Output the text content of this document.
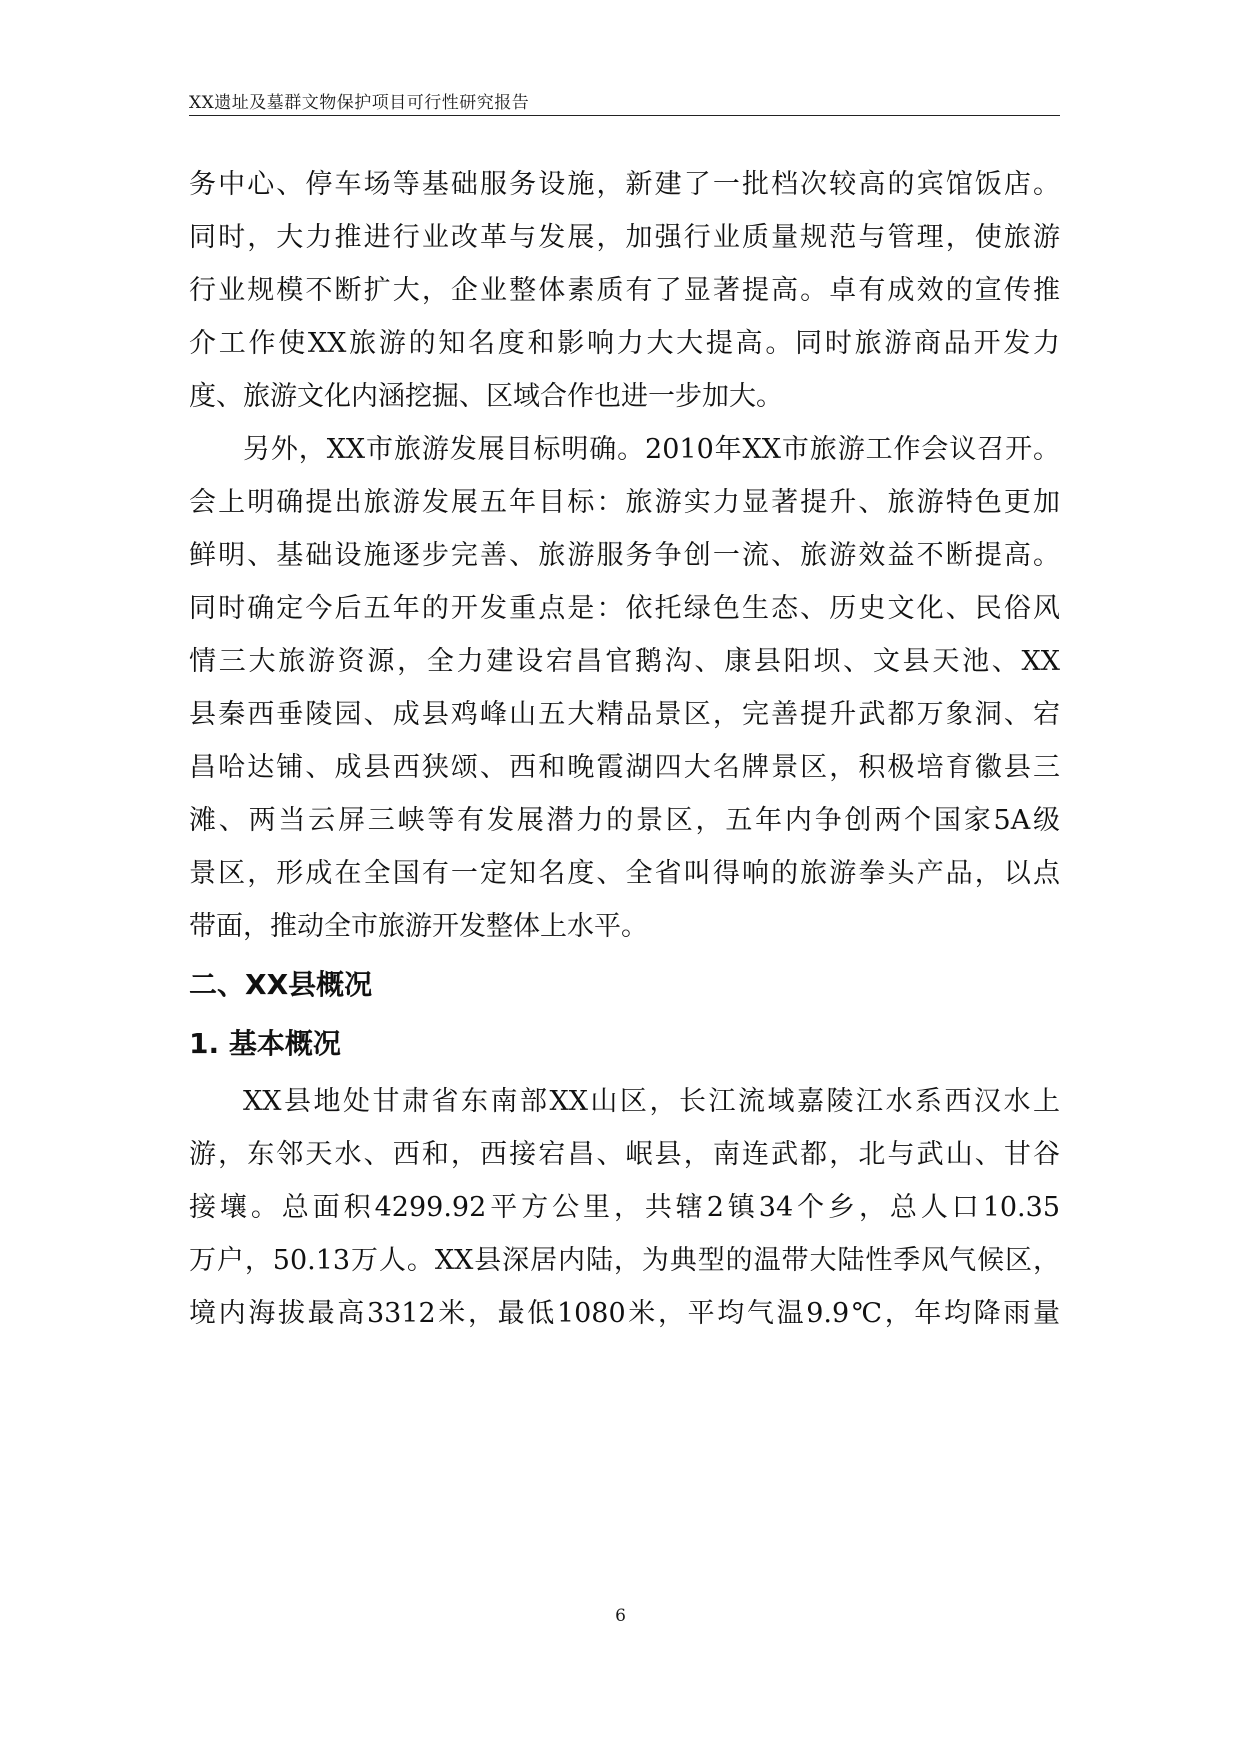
XX遗址及墓群文物保护项目可行性研究报告
务中心、停车场等基础服务设施，新建了一批档次较高的宾馆饭店。
同时，大力推进行业改革与发展，加强行业质量规范与管理，使旅游
行业规模不断扩大，企业整体素质有了显著提高。卓有成效的宣传推
介工作使XX旅游的知名度和影响力大大提高。同时旅游商品开发力
度、旅游文化内涵挖掘、区域合作也进一步加大。
另外，XX市旅游发展目标明确。2010年XX市旅游工作会议召开。
会上明确提出旅游发展五年目标：旅游实力显著提升、旅游特色更加
鲜明、基础设施逐步完善、旅游服务争创一流、旅游效益不断提高。
同时确定今后五年的开发重点是：依托绿色生态、历史文化、民俗风
情三大旅游资源，全力建设宕昌官鹅沟、康县阳坝、文县天池、XX
县秦西垂陵园、成县鸡峰山五大精品景区，完善提升武都万象洞、宕
昌哈达铺、成县西狭颂、西和晚霞湖四大名牌景区，积极培育徽县三
滩、两当云屏三峡等有发展潜力的景区，五年内争创两个国家5A级
景区，形成在全国有一定知名度、全省叫得响的旅游拳头产品，以点
带面，推动全市旅游开发整体上水平。
二、XX县概况
1. 基本概况
XX县地处甘肃省东南部XX山区，长江流域嘉陵江水系西汉水上
游，东邻天水、西和，西接宕昌、岷县，南连武都，北与武山、甘谷
接壤。总面积4299.92平方公里，共辖2镇34个乡，总人口10.35
万户，50.13万人。XX县深居内陆，为典型的温带大陆性季风气候区，
境内海拔最高3312米，最低1080米，平均气温9.9℃，年均降雨量
6
